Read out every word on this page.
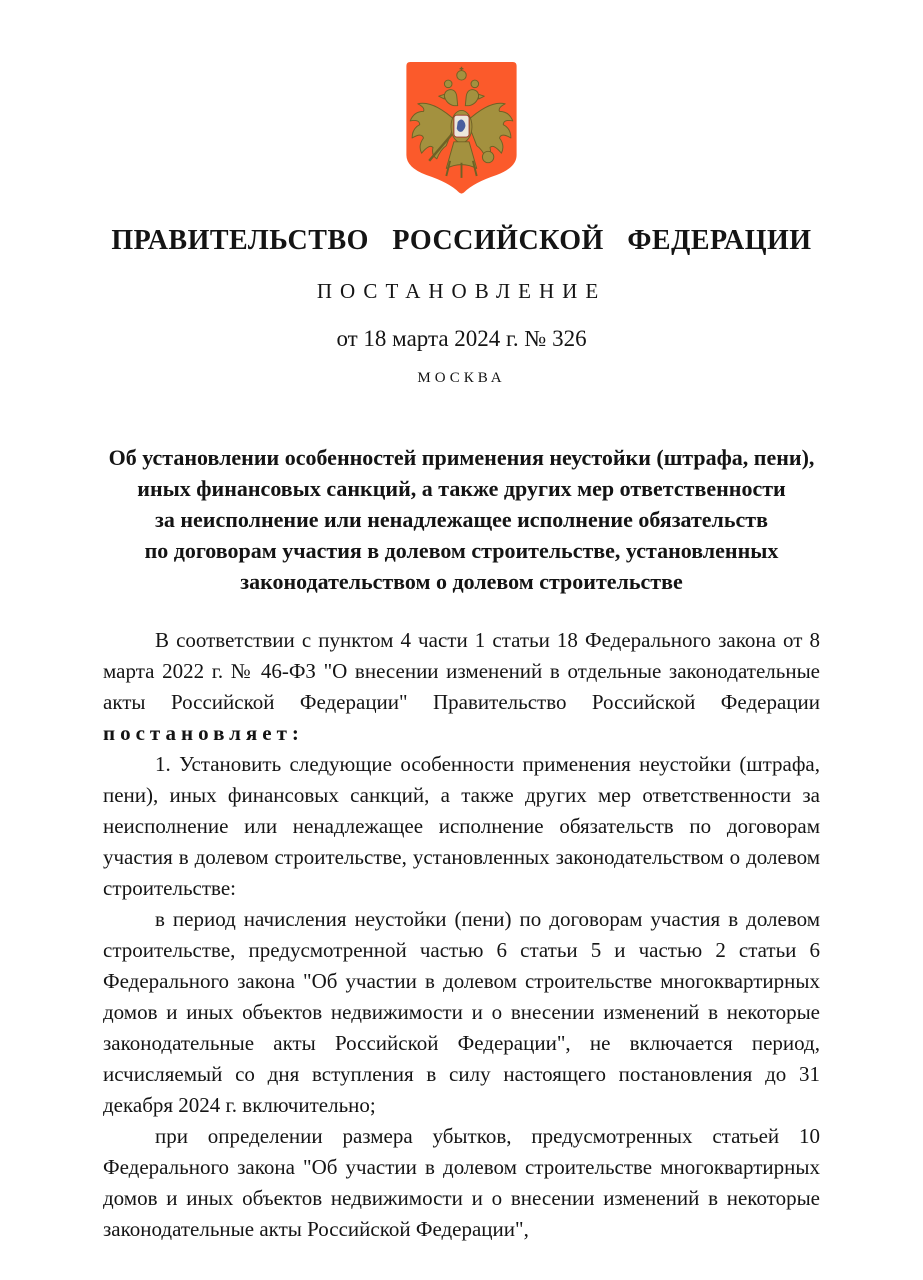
ПРАВИТЕЛЬСТВО РОССИЙСКОЙ ФЕДЕРАЦИИ
ПОСТАНОВЛЕНИЕ
от 18 марта 2024 г. № 326
МОСКВА
Об установлении особенностей применения неустойки (штрафа, пени),
иных финансовых санкций, а также других мер ответственности
за неисполнение или ненадлежащее исполнение обязательств
по договорам участия в долевом строительстве, установленных
законодательством о долевом строительстве

В соответствии с пунктом 4 части 1 статьи 18 Федерального закона от 8 марта 2022 г. № 46-ФЗ "О внесении изменений в отдельные законодательные акты Российской Федерации" Правительство Российской Федерации постановляет:

1. Установить следующие особенности применения неустойки (штрафа, пени), иных финансовых санкций, а также других мер ответственности за неисполнение или ненадлежащее исполнение обязательств по договорам участия в долевом строительстве, установленных законодательством о долевом строительстве:

в период начисления неустойки (пени) по договорам участия в долевом строительстве, предусмотренной частью 6 статьи 5 и частью 2 статьи 6 Федерального закона "Об участии в долевом строительстве многоквартирных домов и иных объектов недвижимости и о внесении изменений в некоторые законодательные акты Российской Федерации", не включается период, исчисляемый со дня вступления в силу настоящего постановления до 31 декабря 2024 г. включительно;

при определении размера убытков, предусмотренных статьей 10 Федерального закона "Об участии в долевом строительстве многоквартирных домов и иных объектов недвижимости и о внесении изменений в некоторые законодательные акты Российской Федерации",
